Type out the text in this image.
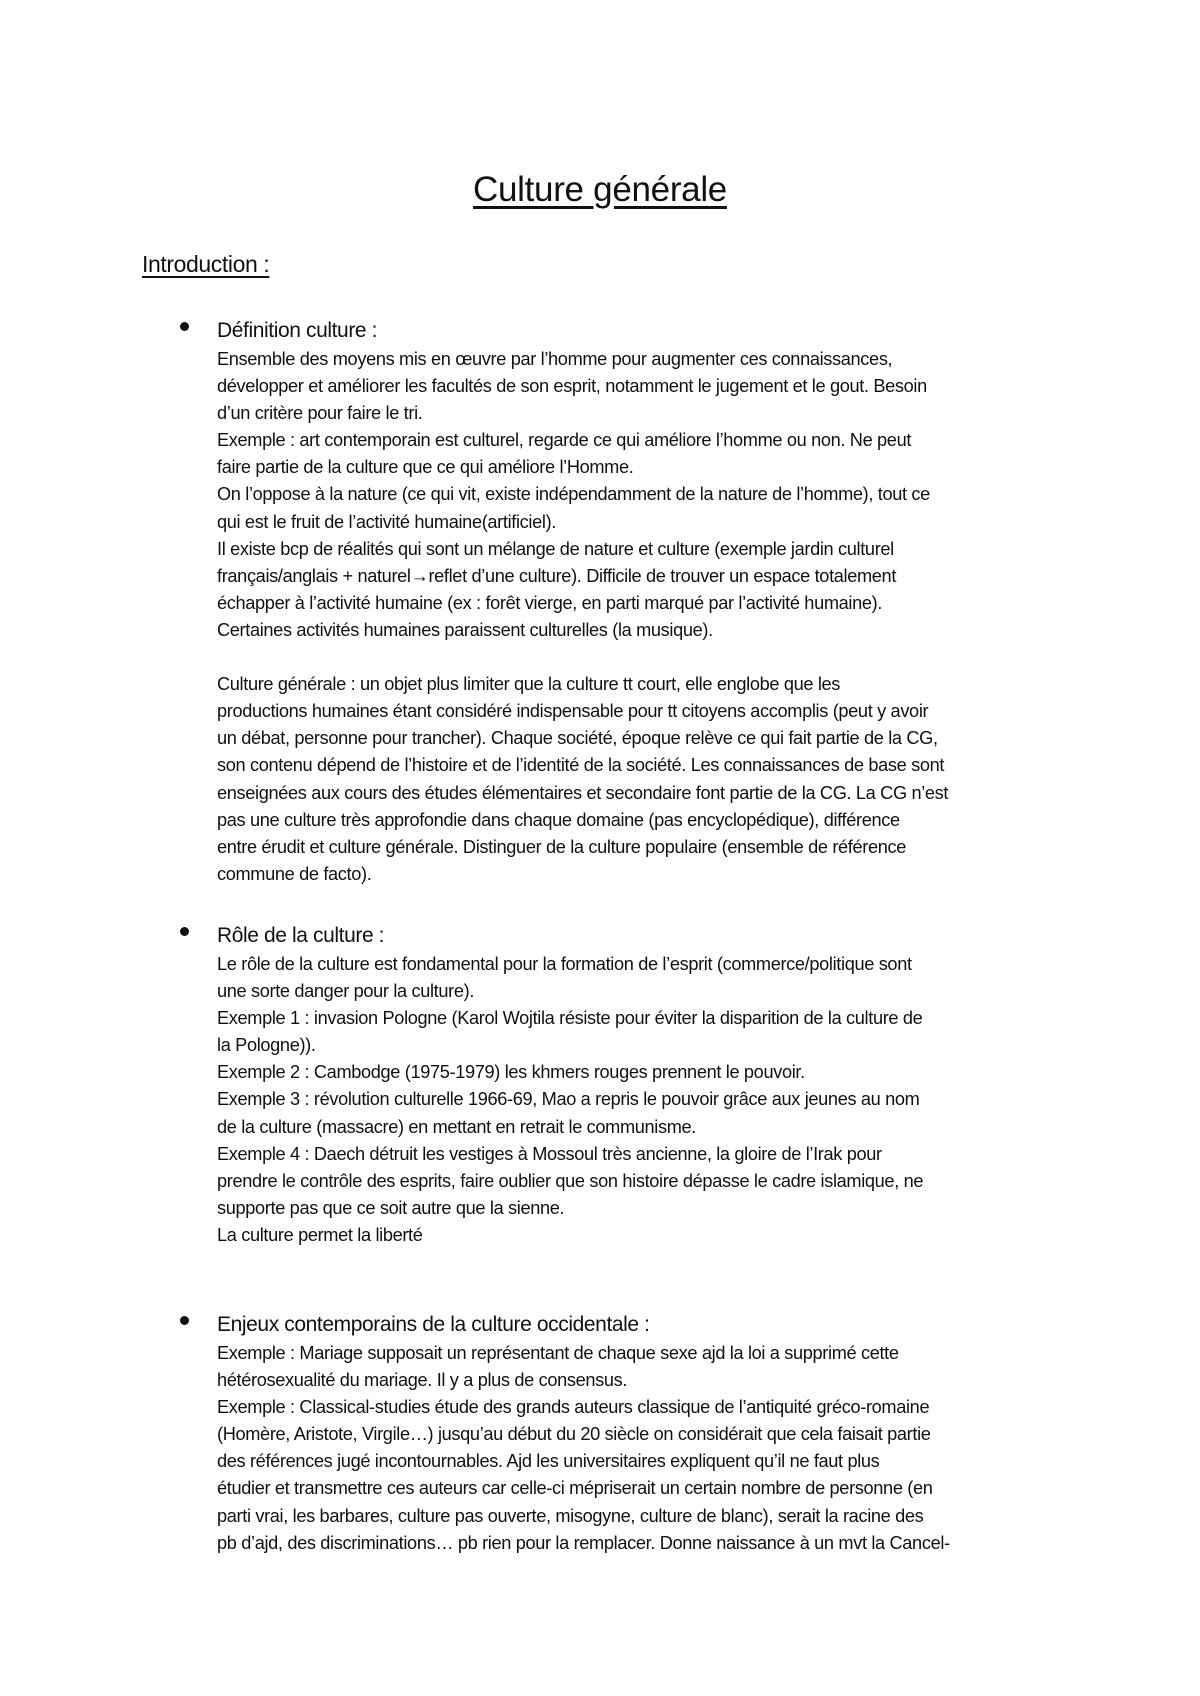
Culture générale
Introduction :
Définition culture :
Ensemble des moyens mis en œuvre par l’homme pour augmenter ces connaissances,
développer et améliorer les facultés de son esprit, notamment le jugement et le gout. Besoin
d’un critère pour faire le tri.
Exemple : art contemporain est culturel, regarde ce qui améliore l’homme ou non. Ne peut
faire partie de la culture que ce qui améliore l’Homme.
On l’oppose à la nature (ce qui vit, existe indépendamment de la nature de l’homme), tout ce
qui est le fruit de l’activité humaine(artificiel).
Il existe bcp de réalités qui sont un mélange de nature et culture (exemple jardin culturel
français/anglais + naturel→reflet d’une culture). Difficile de trouver un espace totalement
échapper à l’activité humaine (ex : forêt vierge, en parti marqué par l’activité humaine).
Certaines activités humaines paraissent culturelles (la musique).
Culture générale : un objet plus limiter que la culture tt court, elle englobe que les
productions humaines étant considéré indispensable pour tt citoyens accomplis (peut y avoir
un débat, personne pour trancher). Chaque société, époque relève ce qui fait partie de la CG,
son contenu dépend de l’histoire et de l’identité de la société. Les connaissances de base sont
enseignées aux cours des études élémentaires et secondaire font partie de la CG. La CG n’est
pas une culture très approfondie dans chaque domaine (pas encyclopédique), différence
entre érudit et culture générale. Distinguer de la culture populaire (ensemble de référence
commune de facto).
Rôle de la culture :
Le rôle de la culture est fondamental pour la formation de l’esprit (commerce/politique sont
une sorte danger pour la culture).
Exemple 1 : invasion Pologne (Karol Wojtila résiste pour éviter la disparition de la culture de
la Pologne)).
Exemple 2 : Cambodge (1975-1979) les khmers rouges prennent le pouvoir.
Exemple 3 : révolution culturelle 1966-69, Mao a repris le pouvoir grâce aux jeunes au nom
de la culture (massacre) en mettant en retrait le communisme.
Exemple 4 : Daech détruit les vestiges à Mossoul très ancienne, la gloire de l’Irak pour
prendre le contrôle des esprits, faire oublier que son histoire dépasse le cadre islamique, ne
supporte pas que ce soit autre que la sienne.
La culture permet la liberté
Enjeux contemporains de la culture occidentale :
Exemple : Mariage supposait un représentant de chaque sexe ajd la loi a supprimé cette
hétérosexualité du mariage. Il y a plus de consensus.
Exemple : Classical-studies étude des grands auteurs classique de l’antiquité gréco-romaine
(Homère, Aristote, Virgile…) jusqu’au début du 20 siècle on considérait que cela faisait partie
des références jugé incontournables. Ajd les universitaires expliquent qu’il ne faut plus
étudier et transmettre ces auteurs car celle-ci mépriserait un certain nombre de personne (en
parti vrai, les barbares, culture pas ouverte, misogyne, culture de blanc), serait la racine des
pb d’ajd, des discriminations… pb rien pour la remplacer. Donne naissance à un mvt la Cancel-
